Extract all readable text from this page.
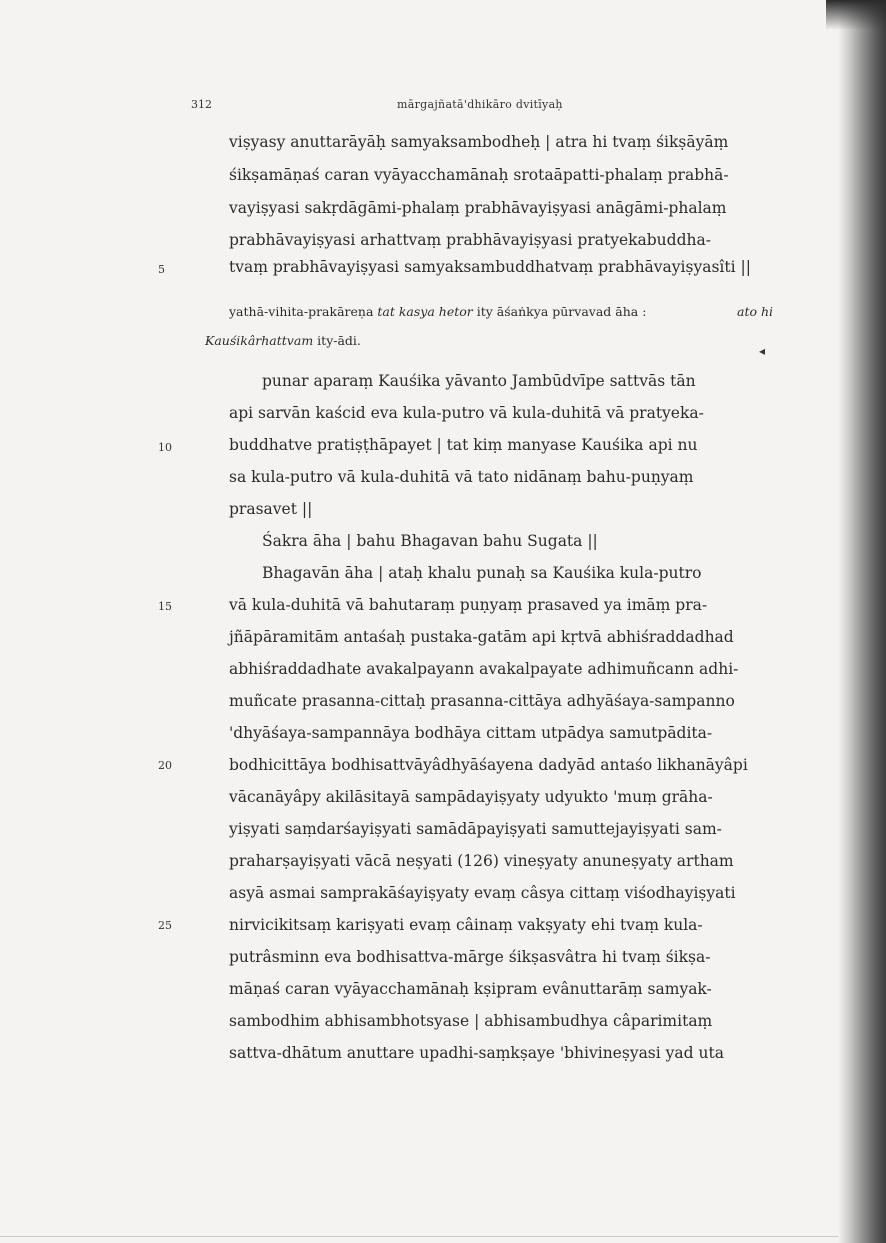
312	mārgajñatā'dhikāro dvitīyaḥ
viṣyasy anuttarāyāḥ samyaksambodheḥ | atra hi tvaṃ śikṣāyāṃ
śikṣamāṇaś caran vyāyacchamānaḥ srotaāpatti-phalaṃ prabhā-
vayiṣyasi sakṛdāgāmi-phalaṃ prabhāvayiṣyasi anāgāmi-phalaṃ
prabhāvayiṣyasi arhattvaṃ prabhāvayiṣyasi pratyekabuddha-
tvaṃ prabhāvayiṣyasi samyaksambuddhatvaṃ prabhāvayiṣyasîti ||
5
yathā-vihita-prakāreṇa tat kasya hetor ity āśaṅkya pūrvavad āha :	ato hi
Kauśikârhattvam ity-ādi.
◂
punar aparaṃ Kauśika yāvanto Jambūdvīpe sattvās tān
api sarvān kaścid eva kula-putro vā kula-duhitā vā pratyeka-
buddhatve pratiṣṭhāpayet | tat kiṃ manyase Kauśika api nu
10
sa kula-putro vā kula-duhitā vā tato nidānaṃ bahu-puṇyaṃ
prasavet ||
Śakra āha | bahu Bhagavan bahu Sugata ||
Bhagavān āha | ataḥ khalu punaḥ sa Kauśika kula-putro
vā kula-duhitā vā bahutaraṃ puṇyaṃ prasaved ya imāṃ pra-
15
jñāpāramitām antaśaḥ pustaka-gatām api kṛtvā abhiśraddadhad
abhiśraddadhate avakalpayann avakalpayate adhimuñcann adhi-
muñcate prasanna-cittaḥ prasanna-cittāya adhyāśaya-sampanno
'dhyāśaya-sampannāya bodhāya cittam utpādya samutpādita-
bodhicittāya bodhisattvāyâdhyāśayena dadyād antaśo likhanāyâpi
20
vācanāyâpy akilāsitayā sampādayiṣyaty udyukto 'muṃ grāha-
yiṣyati saṃdarśayiṣyati samādāpayiṣyati samuttejayiṣyati sam-
praharṣayiṣyati vācā neṣyati (126) vineṣyaty anuneṣyaty artham
asyā asmai samprakāśayiṣyaty evaṃ câsya cittaṃ viśodhayiṣyati
nirvicikitsaṃ kariṣyati evaṃ câinaṃ vakṣyaty ehi tvaṃ kula-
25
putrâsminn eva bodhisattva-mārge śikṣasvâtra hi tvaṃ śikṣa-
māṇaś caran vyāyacchamānaḥ kṣipram evânuttarāṃ samyak-
sambodhim abhisambhotsyase | abhisambudhya câparimitaṃ
sattva-dhātum anuttare upadhi-saṃkṣaye 'bhivineṣyasi yad uta
